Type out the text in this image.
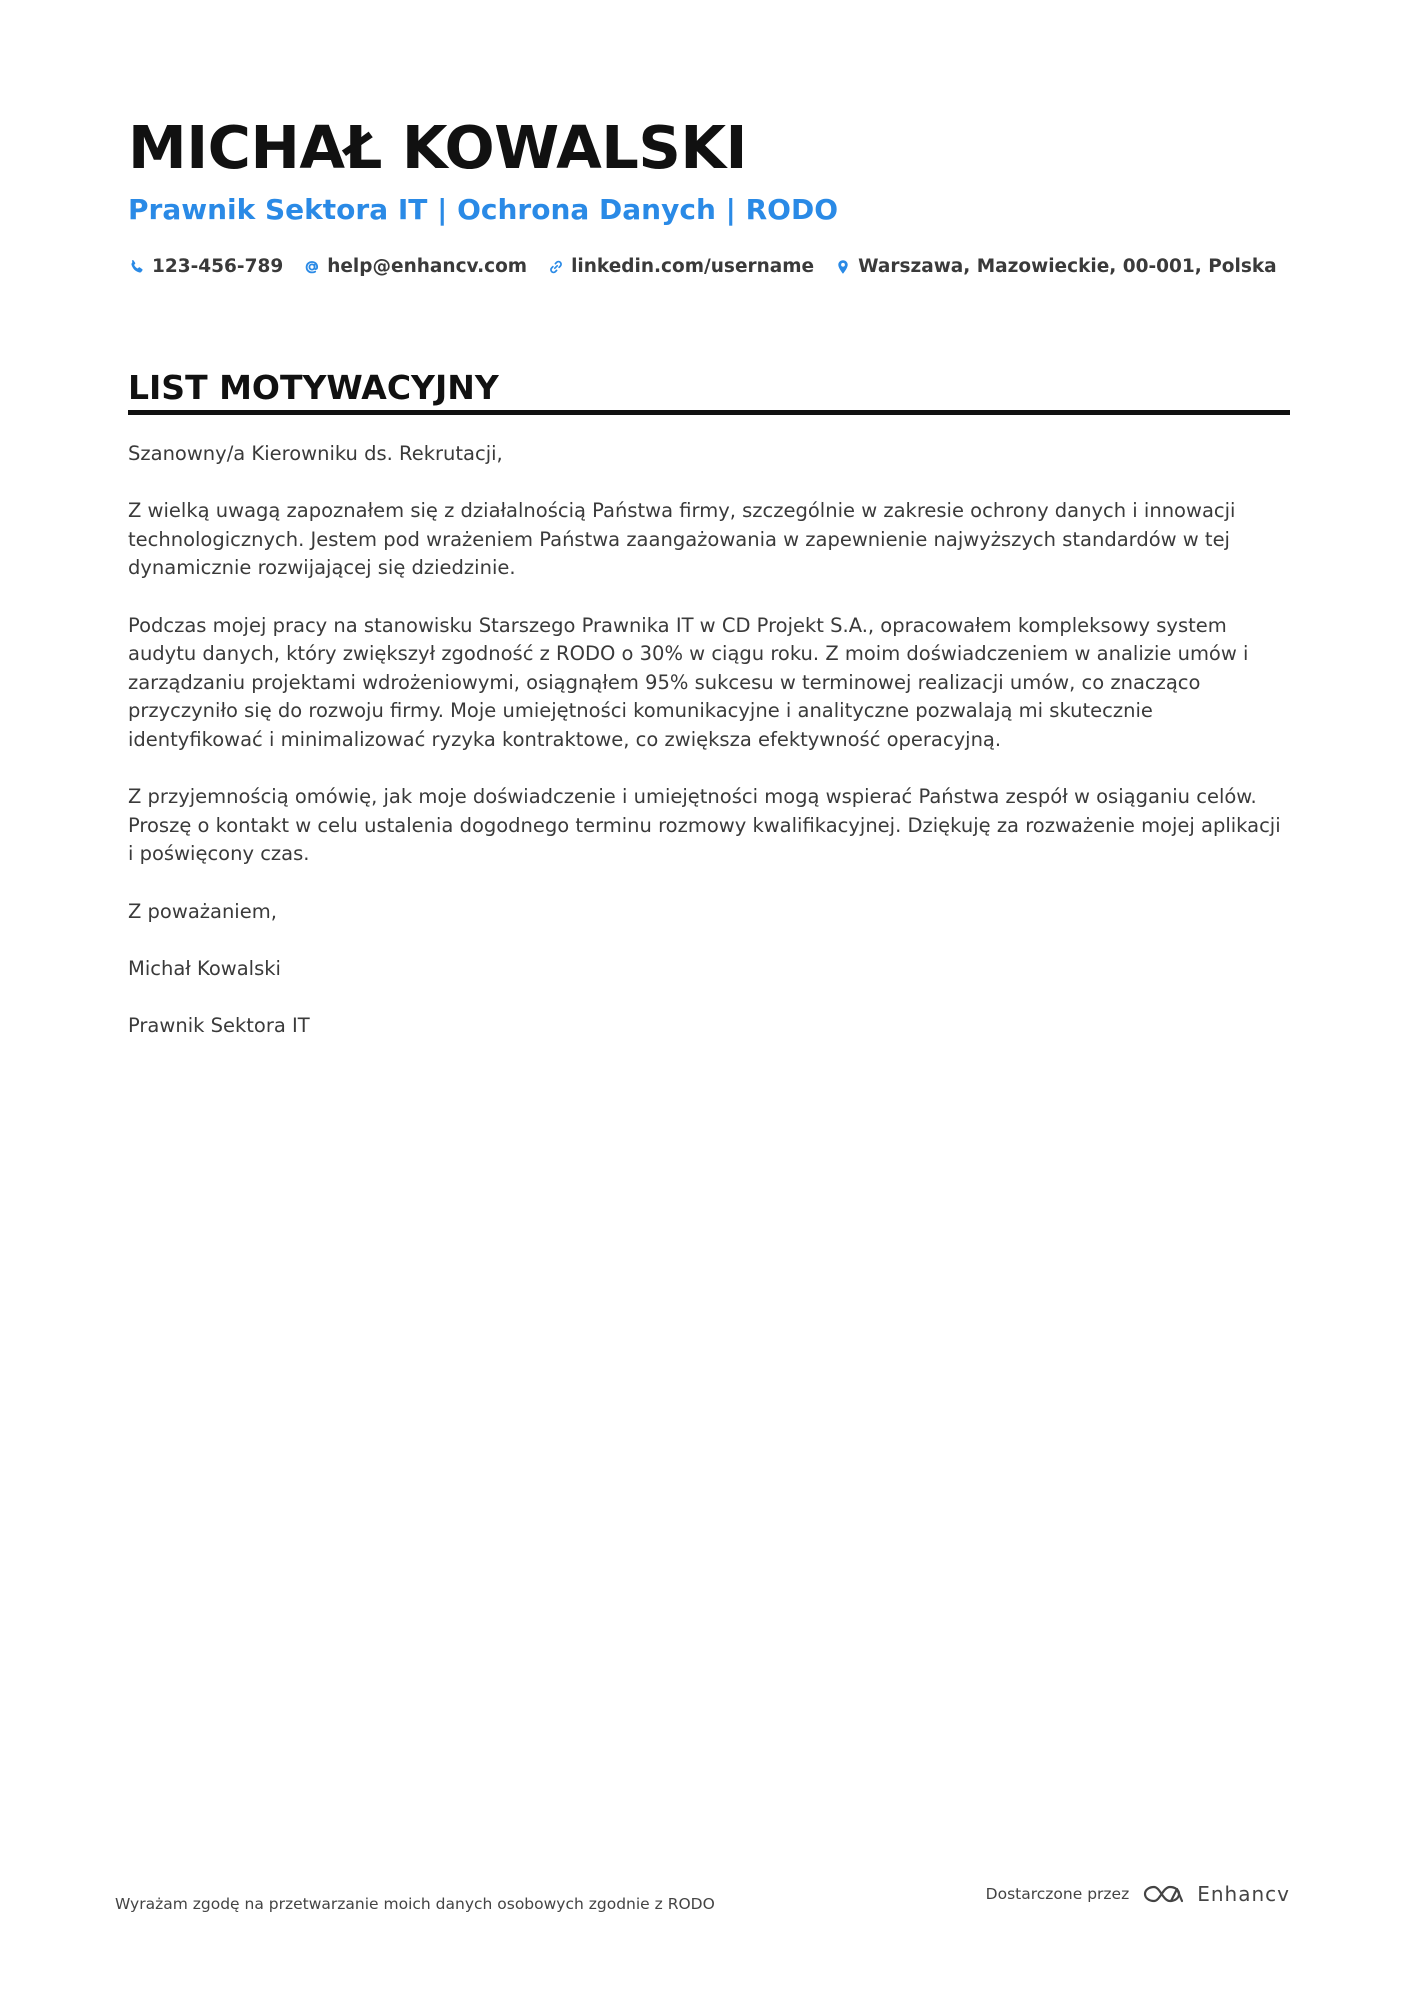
MICHAŁ KOWALSKI
Prawnik Sektora IT | Ochrona Danych | RODO
123-456-789 help@enhancv.com linkedin.com/username Warszawa, Mazowieckie, 00-001, Polska
LIST MOTYWACYJNY

Szanowny/a Kierowniku ds. Rekrutacji,

Z wielką uwagą zapoznałem się z działalnością Państwa firmy, szczególnie w zakresie ochrony danych i innowacji technologicznych. Jestem pod wrażeniem Państwa zaangażowania w zapewnienie najwyższych standardów w tej dynamicznie rozwijającej się dziedzinie.

Podczas mojej pracy na stanowisku Starszego Prawnika IT w CD Projekt S.A., opracowałem kompleksowy system audytu danych, który zwiększył zgodność z RODO o 30% w ciągu roku. Z moim doświadczeniem w analizie umów i zarządzaniu projektami wdrożeniowymi, osiągnąłem 95% sukcesu w terminowej realizacji umów, co znacząco przyczyniło się do rozwoju firmy. Moje umiejętności komunikacyjne i analityczne pozwalają mi skutecznie identyfikować i minimalizować ryzyka kontraktowe, co zwiększa efektywność operacyjną.

Z przyjemnością omówię, jak moje doświadczenie i umiejętności mogą wspierać Państwa zespół w osiąganiu celów. Proszę o kontakt w celu ustalenia dogodnego terminu rozmowy kwalifikacyjnej. Dziękuję za rozważenie mojej aplikacji i poświęcony czas.

Z poważaniem,

Michał Kowalski

Prawnik Sektora IT

Wyrażam zgodę na przetwarzanie moich danych osobowych zgodnie z RODO
Dostarczone przez	Enhancv
